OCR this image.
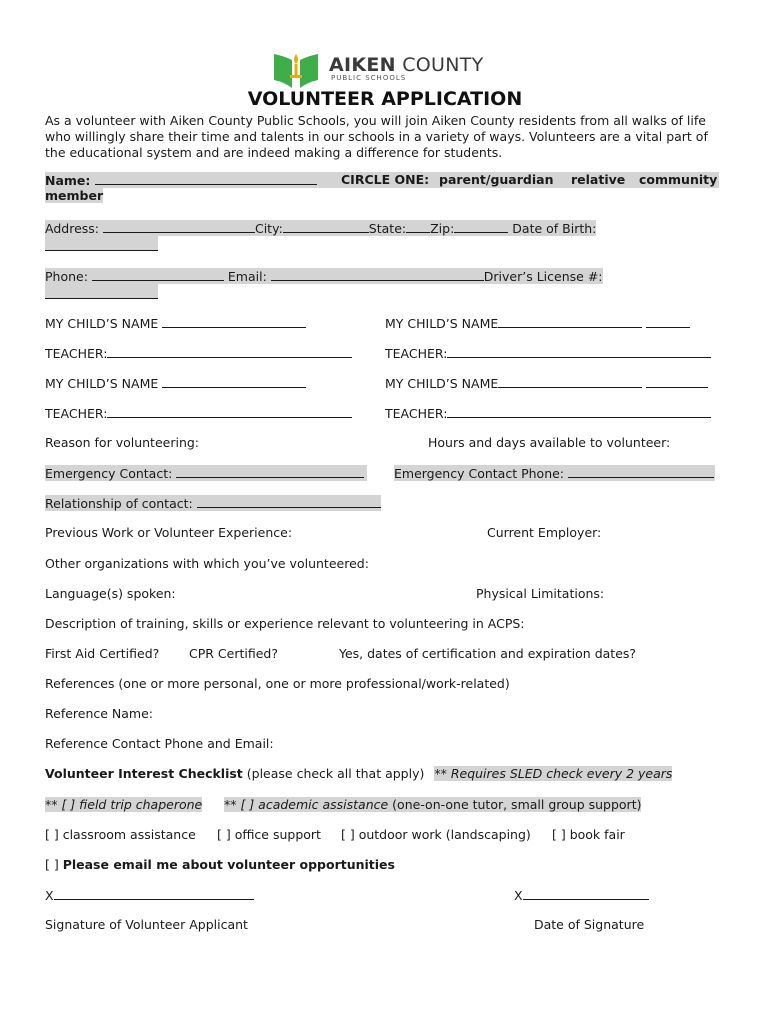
AIKEN COUNTY
PUBLIC SCHOOLS
VOLUNTEER APPLICATION
As a volunteer with Aiken County Public Schools, you will join Aiken County residents from all walks of life who willingly share their time and talents in our schools in a variety of ways. Volunteers are a vital part of the educational system and are indeed making a difference for students.
Name:	CIRCLE ONE: parent/guardian relative community
member
Address:	City:	State: Zip:	Date of Birth:
Phone:	Email:	Driver’s License #:
MY CHILD’S NAME	MY CHILD’S NAME
TEACHER:	TEACHER:
MY CHILD’S NAME	MY CHILD’S NAME
TEACHER:	TEACHER:
Reason for volunteering:	Hours and days available to volunteer:
Emergency Contact:	Emergency Contact Phone:
Relationship of contact:
Previous Work or Volunteer Experience:	Current Employer:
Other organizations with which you’ve volunteered:
Language(s) spoken:	Physical Limitations:
Description of training, skills or experience relevant to volunteering in ACPS:
First Aid Certified? CPR Certified?	Yes, dates of certification and expiration dates?
References (one or more personal, one or more professional/work-related)
Reference Name:
Reference Contact Phone and Email:
Volunteer Interest Checklist (please check all that apply) ** Requires SLED check every 2 years
** [ ] field trip chaperone ** [ ] academic assistance (one-on-one tutor, small group support)
[ ] classroom assistance [ ] office support [ ] outdoor work (landscaping) [ ] book fair
[ ] Please email me about volunteer opportunities
X	X
Signature of Volunteer Applicant	Date of Signature
